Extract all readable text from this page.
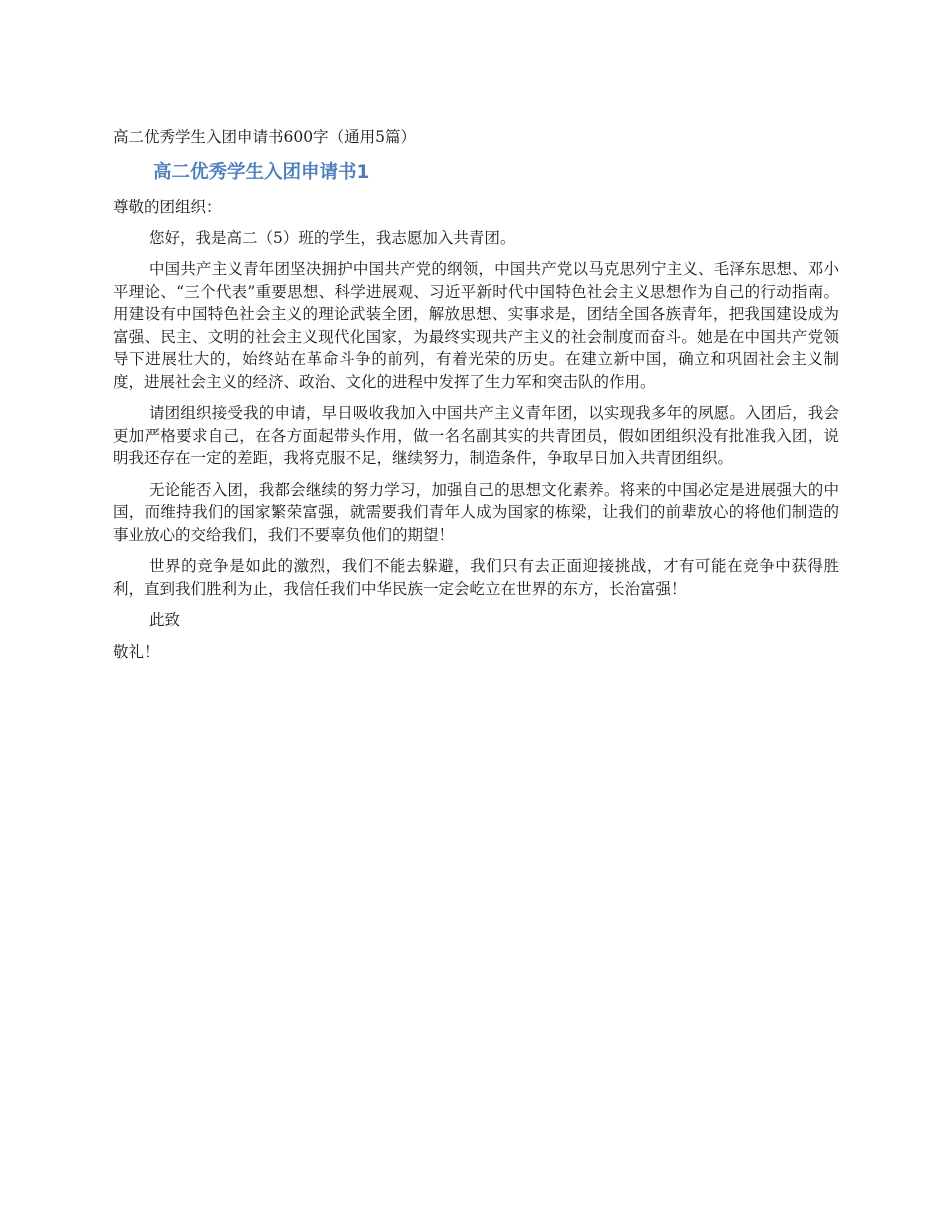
高二优秀学生入团申请书600字（通用5篇）

高二优秀学生入团申请书1

尊敬的团组织：

您好，我是高二（5）班的学生，我志愿加入共青团。

中国共产主义青年团坚决拥护中国共产党的纲领，中国共产党以马克思列宁主义、毛泽东思想、邓小平理论、“三个代表”重要思想、科学进展观、习近平新时代中国特色社会主义思想作为自己的行动指南。用建设有中国特色社会主义的理论武装全团，解放思想、实事求是，团结全国各族青年，把我国建设成为富强、民主、文明的社会主义现代化国家，为最终实现共产主义的社会制度而奋斗。她是在中国共产党领导下进展壮大的，始终站在革命斗争的前列，有着光荣的历史。在建立新中国，确立和巩固社会主义制度，进展社会主义的经济、政治、文化的进程中发挥了生力军和突击队的作用。

请团组织接受我的申请，早日吸收我加入中国共产主义青年团，以实现我多年的夙愿。入团后，我会更加严格要求自己，在各方面起带头作用，做一名名副其实的共青团员，假如团组织没有批准我入团，说明我还存在一定的差距，我将克服不足，继续努力，制造条件，争取早日加入共青团组织。

无论能否入团，我都会继续的努力学习，加强自己的思想文化素养。将来的中国必定是进展强大的中国，而维持我们的国家繁荣富强，就需要我们青年人成为国家的栋梁，让我们的前辈放心的将他们制造的事业放心的交给我们，我们不要辜负他们的期望！

世界的竞争是如此的激烈，我们不能去躲避，我们只有去正面迎接挑战，才有可能在竞争中获得胜利，直到我们胜利为止，我信任我们中华民族一定会屹立在世界的东方，长治富强！

此致

敬礼！
